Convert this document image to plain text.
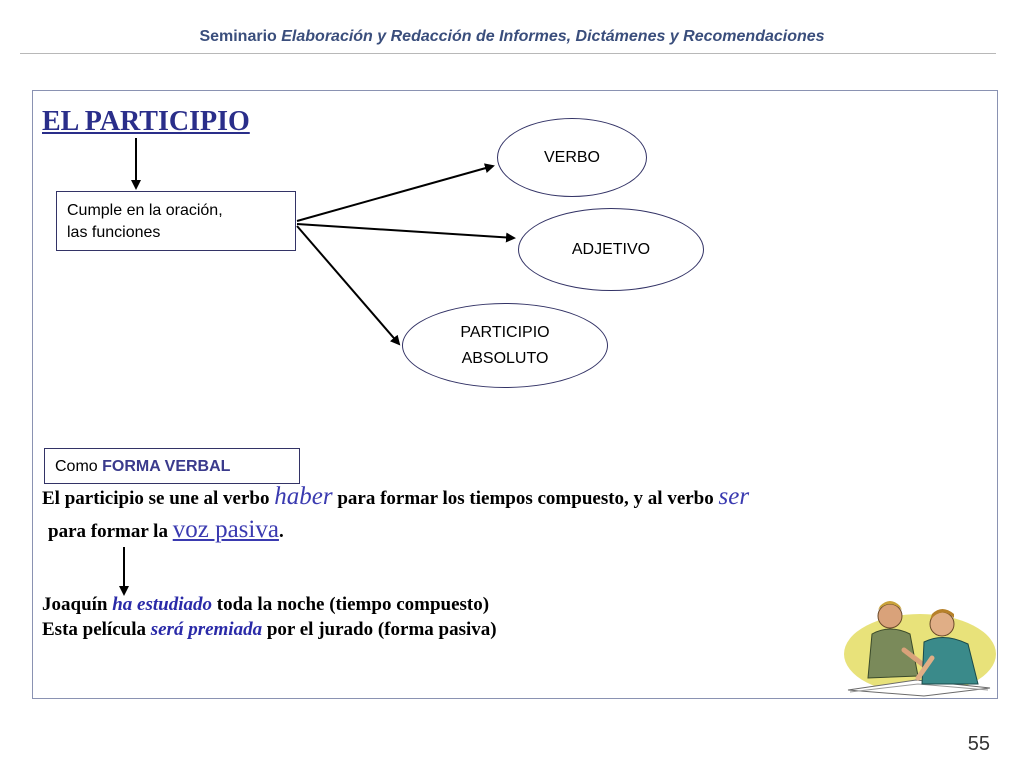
Seminario Elaboración y Redacción de Informes, Dictámenes y Recomendaciones
EL PARTICIPIO
Cumple en la oración,
las funciones
VERBO
ADJETIVO
PARTICIPIO
ABSOLUTO
Como FORMA VERBAL
El participio se une al verbo haber para formar los tiempos compuesto, y al verbo ser
para formar la voz pasiva.
Joaquín ha estudiado toda la noche (tiempo compuesto)
Esta película será premiada por el jurado (forma pasiva)
55
